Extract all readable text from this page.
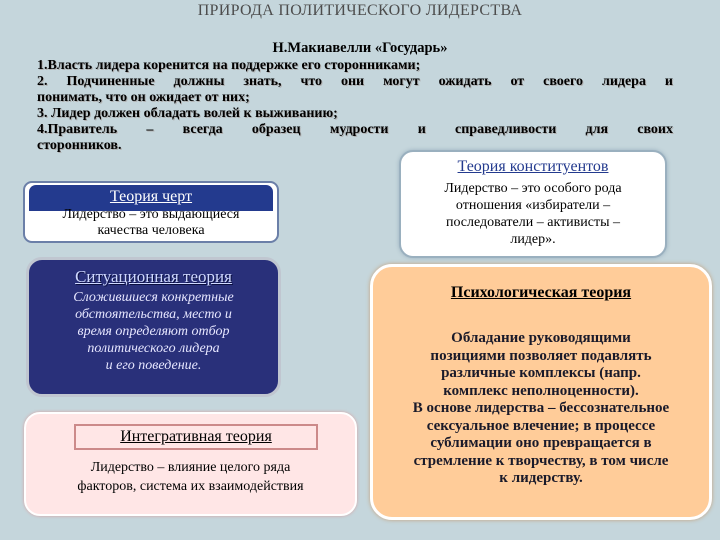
ПРИРОДА ПОЛИТИЧЕСКОГО ЛИДЕРСТВА
Н.Макиавелли «Государь»
1.Власть лидера коренится на поддержке его сторонниками;
2. Подчиненные должны знать, что они могут ожидать от своего лидера и
понимать, что он ожидает от них;
3. Лидер должен обладать волей к выживанию;
4.Правитель – всегда образец мудрости и справедливости для своих
сторонников.
Теория черт
Лидерство – это выдающиеся
качества человека
Теория конституентов
Лидерство – это особого рода
отношения «избиратели –
последователи – активисты –
лидер».
Ситуационная теория
Сложившиеся конкретные
обстоятельства, место и
время определяют отбор
политического лидера
и его поведение.
Интегративная теория
Лидерство – влияние целого ряда
факторов, система их взаимодействия
Психологическая теория
Обладание руководящими
позициями позволяет подавлять
различные комплексы (напр.
комплекс неполноценности).
В основе лидерства – бессознательное
сексуальное влечение; в процессе
сублимации оно превращается в
стремление к творчеству, в том числе
к лидерству.
